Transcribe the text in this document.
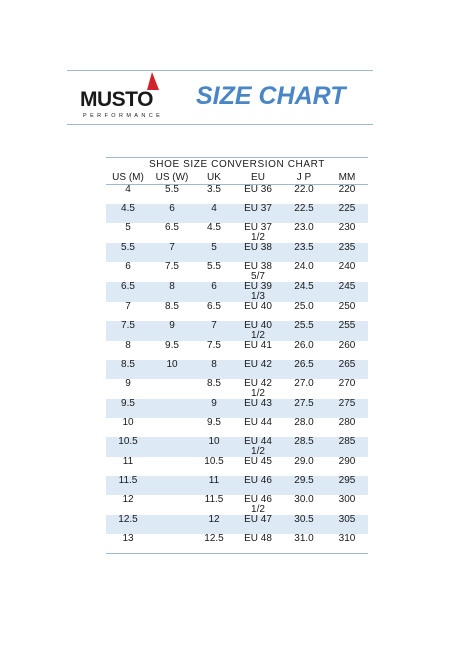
MUSTO
PERFORMANCE
SIZE CHART
SHOE SIZE CONVERSION CHART
US (M)	US (W)	UK	EU	J P	MM
4	5.5	3.5	EU 36	22.0	220
4.5	6	4	EU 37	22.5	225
5	6.5	4.5	EU 37 1/2	23.0	230
5.5	7	5	EU 38	23.5	235
6	7.5	5.5	EU 38 5/7	24.0	240
6.5	8	6	EU 39 1/3	24.5	245
7	8.5	6.5	EU 40	25.0	250
7.5	9	7	EU 40 1/2	25.5	255
8	9.5	7.5	EU 41	26.0	260
8.5	10	8	EU 42	26.5	265
9		8.5	EU 42 1/2	27.0	270
9.5		9	EU 43	27.5	275
10		9.5	EU 44	28.0	280
10.5		10	EU 44 1/2	28.5	285
11		10.5	EU 45	29.0	290
11.5		11	EU 46	29.5	295
12		11.5	EU 46 1/2	30.0	300
12.5		12	EU 47	30.5	305
13		12.5	EU 48	31.0	310
